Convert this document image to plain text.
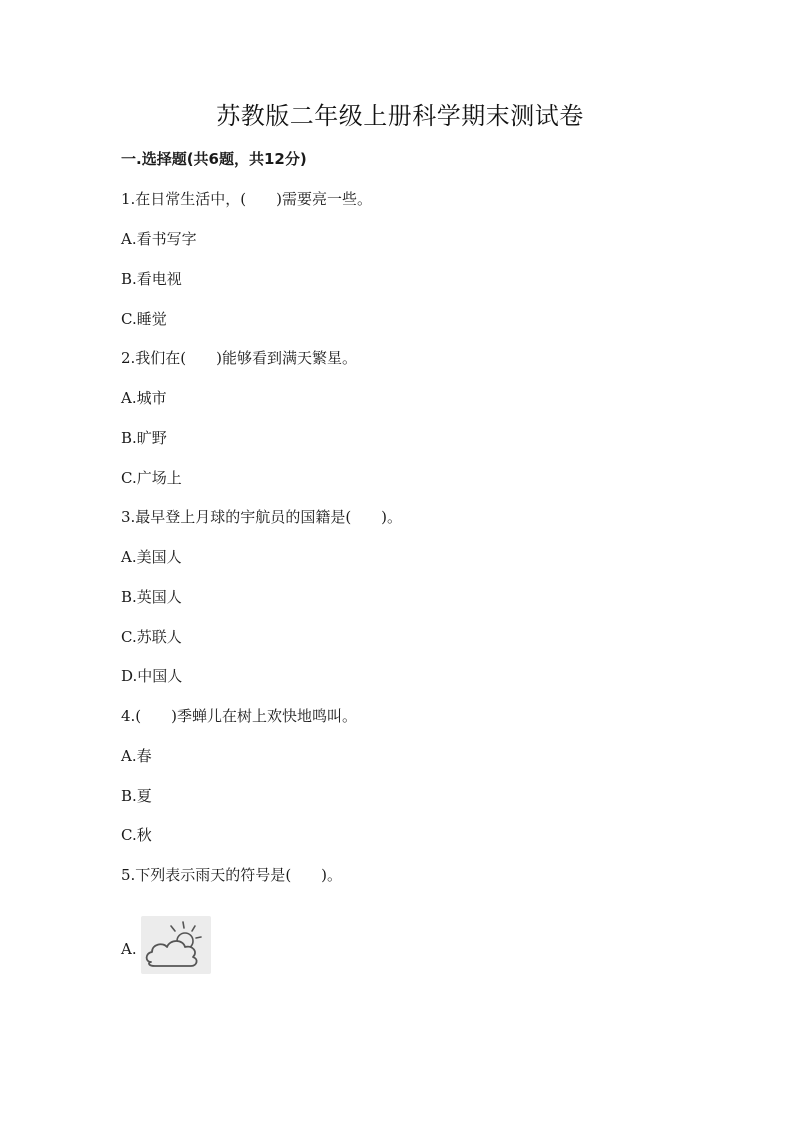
苏教版二年级上册科学期末测试卷
一.选择题(共6题，共12分)
1.在日常生活中，(　　)需要亮一些。
A.看书写字
B.看电视
C.睡觉
2.我们在(　　)能够看到满天繁星。
A.城市
B.旷野
C.广场上
3.最早登上月球的宇航员的国籍是(　　)。
A.美国人
B.英国人
C.苏联人
D.中国人
4.(　　)季蝉儿在树上欢快地鸣叫。
A.春
B.夏
C.秋
5.下列表示雨天的符号是(　　)。
A.
